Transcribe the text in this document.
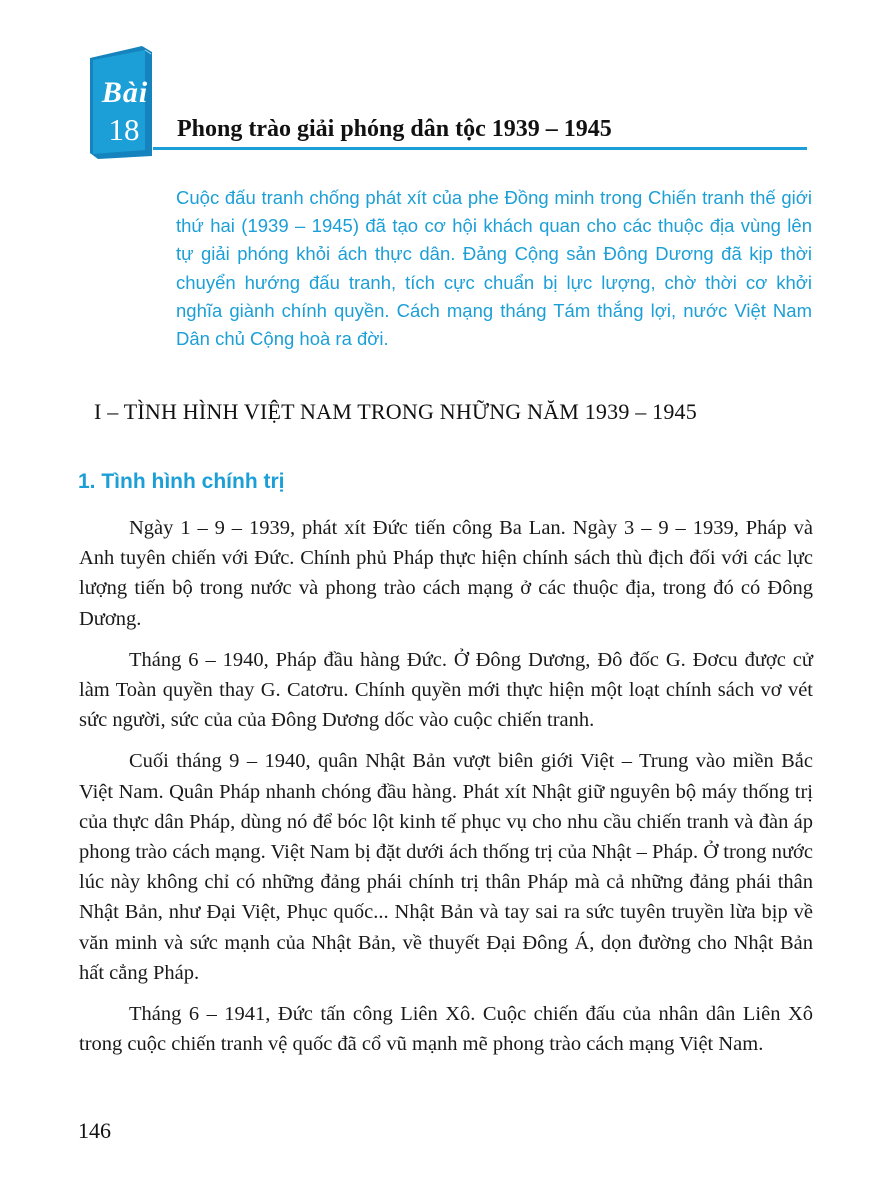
Bài
18	Phong trào giải phóng dân tộc 1939 – 1945

Cuộc đấu tranh chống phát xít của phe Đồng minh trong Chiến tranh thế giới thứ hai (1939 – 1945) đã tạo cơ hội khách quan cho các thuộc địa vùng lên tự giải phóng khỏi ách thực dân. Đảng Cộng sản Đông Dương đã kịp thời chuyển hướng đấu tranh, tích cực chuẩn bị lực lượng, chờ thời cơ khởi nghĩa giành chính quyền. Cách mạng tháng Tám thắng lợi, nước Việt Nam Dân chủ Cộng hoà ra đời.

I – TÌNH HÌNH VIỆT NAM TRONG NHỮNG NĂM 1939 – 1945
1. Tình hình chính trị

Ngày 1 – 9 – 1939, phát xít Đức tiến công Ba Lan. Ngày 3 – 9 – 1939, Pháp và Anh tuyên chiến với Đức. Chính phủ Pháp thực hiện chính sách thù địch đối với các lực lượng tiến bộ trong nước và phong trào cách mạng ở các thuộc địa, trong đó có Đông Dương.

Tháng 6 – 1940, Pháp đầu hàng Đức. Ở Đông Dương, Đô đốc G. Đơcu được cử làm Toàn quyền thay G. Catơru. Chính quyền mới thực hiện một loạt chính sách vơ vét sức người, sức của của Đông Dương dốc vào cuộc chiến tranh.

Cuối tháng 9 – 1940, quân Nhật Bản vượt biên giới Việt – Trung vào miền Bắc Việt Nam. Quân Pháp nhanh chóng đầu hàng. Phát xít Nhật giữ nguyên bộ máy thống trị của thực dân Pháp, dùng nó để bóc lột kinh tế phục vụ cho nhu cầu chiến tranh và đàn áp phong trào cách mạng. Việt Nam bị đặt dưới ách thống trị của Nhật – Pháp. Ở trong nước lúc này không chỉ có những đảng phái chính trị thân Pháp mà cả những đảng phái thân Nhật Bản, như Đại Việt, Phục quốc... Nhật Bản và tay sai ra sức tuyên truyền lừa bịp về văn minh và sức mạnh của Nhật Bản, về thuyết Đại Đông Á, dọn đường cho Nhật Bản hất cẳng Pháp.

Tháng 6 – 1941, Đức tấn công Liên Xô. Cuộc chiến đấu của nhân dân Liên Xô trong cuộc chiến tranh vệ quốc đã cổ vũ mạnh mẽ phong trào cách mạng Việt Nam.

146
